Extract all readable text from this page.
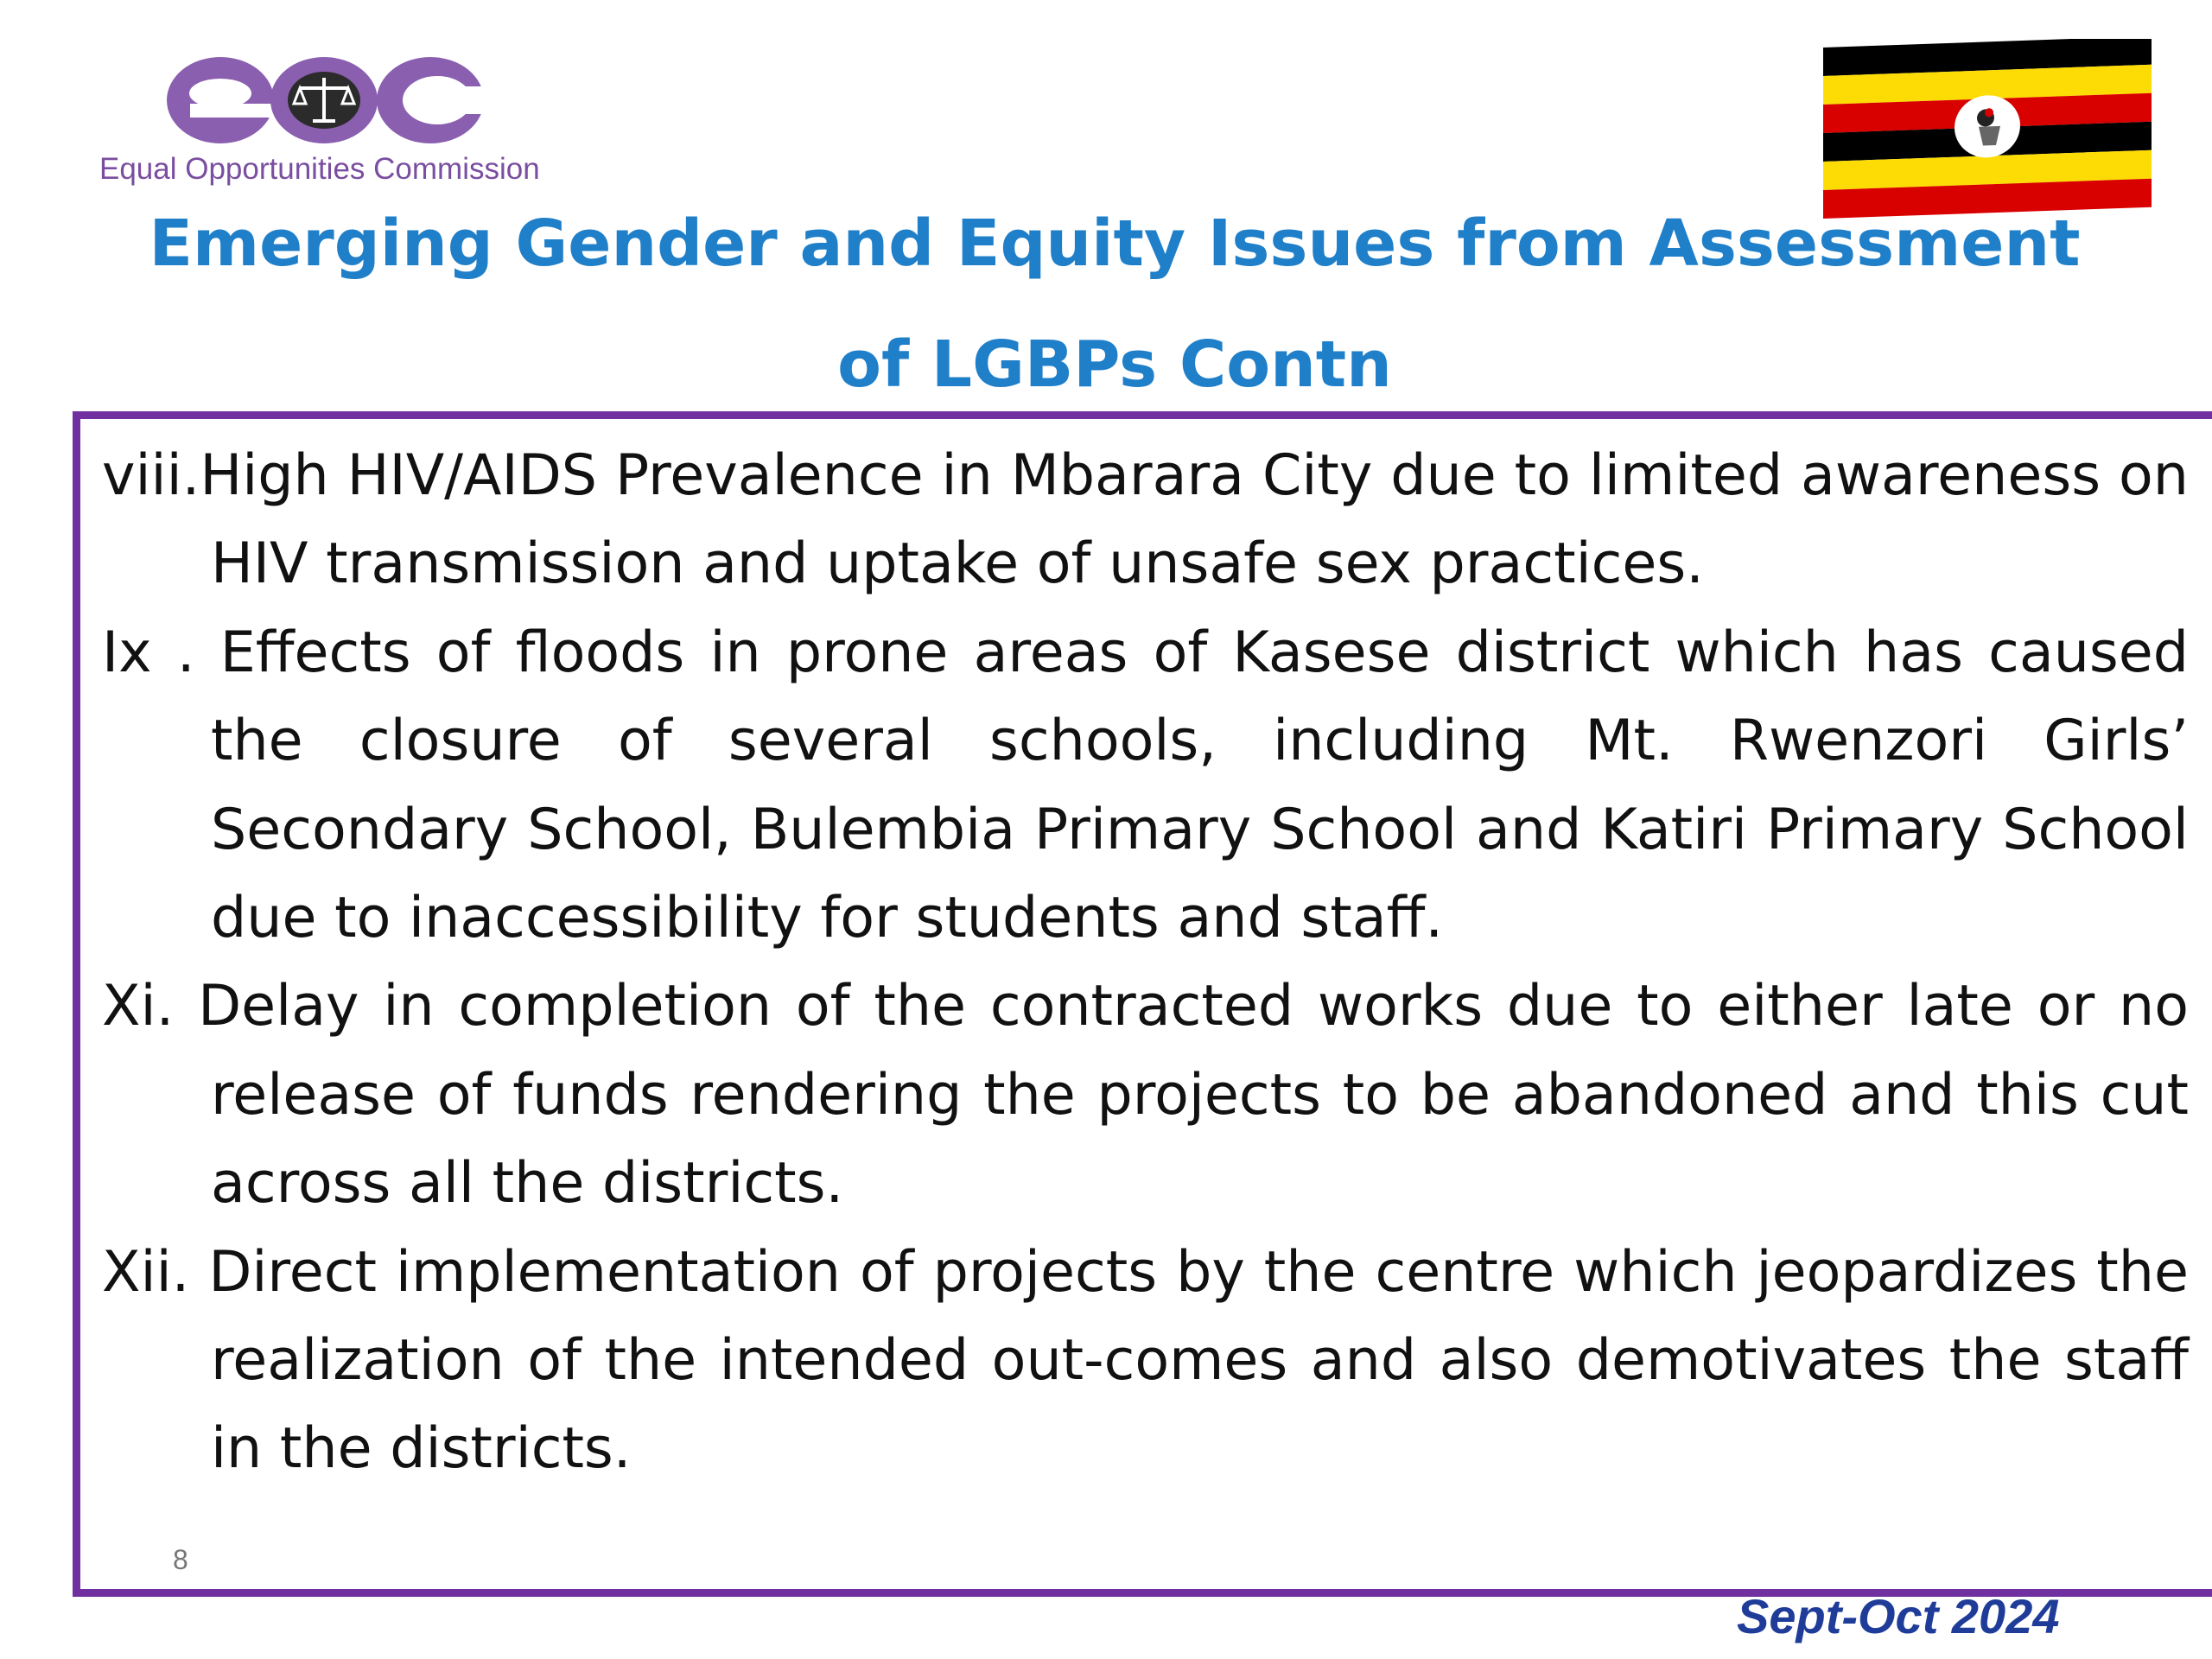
Equal Opportunities Commission
Emerging Gender and Equity Issues from Assessment
of LGBPs Contn
viii.High HIV/AIDS Prevalence in Mbarara City due to limited awareness on HIV transmission and uptake of unsafe sex practices.
Ix . Effects of floods in prone areas of Kasese district which has caused the closure of several schools, including Mt. Rwenzori Girls’ Secondary School, Bulembia Primary School and Katiri Primary School due to inaccessibility for students and staff.
Xi. Delay in completion of the contracted works due to either late or no release of funds rendering the projects to be abandoned and this cut across all the districts.
Xii. Direct implementation of projects by the centre which jeopardizes the realization of the intended out-comes and also demotivates the staff in the districts.
8
Sept-Oct 2024
